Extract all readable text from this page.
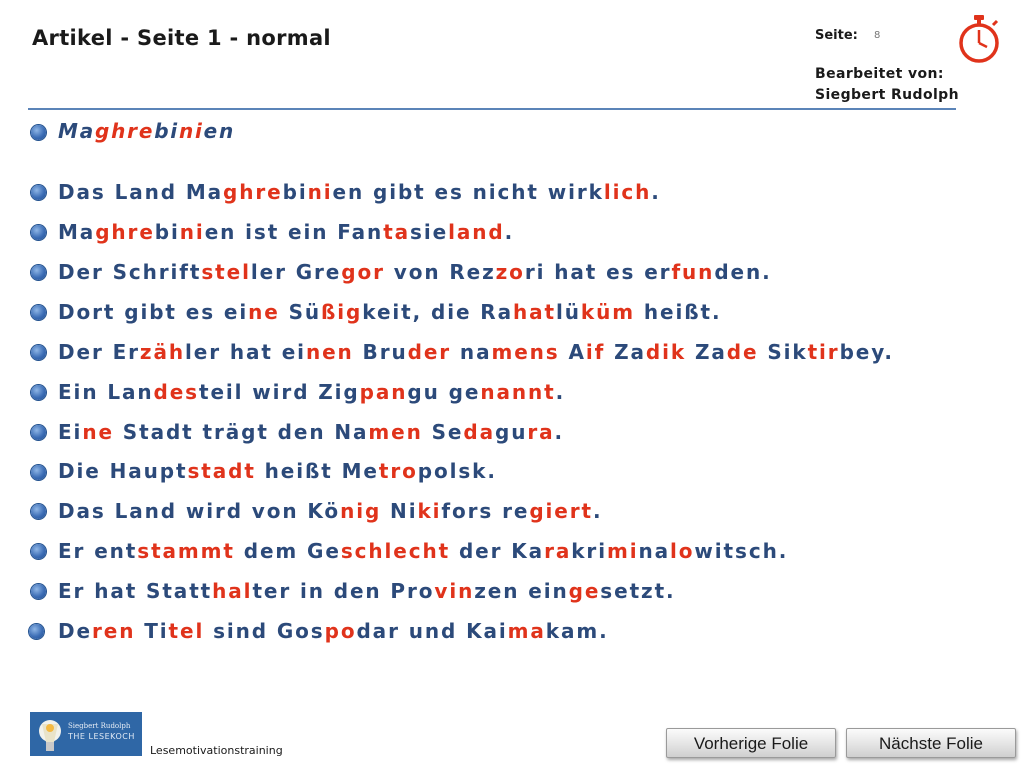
Artikel - Seite 1 - normal	Seite: 8
Bearbeitet von:
Siegbert Rudolph
Maghrebinien
Das Land Maghrebinien gibt es nicht wirklich.
Maghrebinien ist ein Fantasieland.
Der Schriftsteller Gregor von Rezzori hat es erfunden.
Dort gibt es eine Süßigkeit, die Rahatlüküm heißt.
Der Erzähler hat einen Bruder namens Aif Zadik Zade Siktirbey.
Ein Landesteil wird Zigpangu genannt.
Eine Stadt trägt den Namen Sedagura.
Die Hauptstadt heißt Metropolsk.
Das Land wird von König Nikifors regiert.
Er entstammt dem Geschlecht der Karakriminalowitsch.
Er hat Statthalter in den Provinzen eingesetzt.
Deren Titel sind Gospodar und Kaimakam.
Siegbert Rudolph
THE LESEKOCH
Lesemotivationstraining	Vorherige Folie	Nächste Folie
